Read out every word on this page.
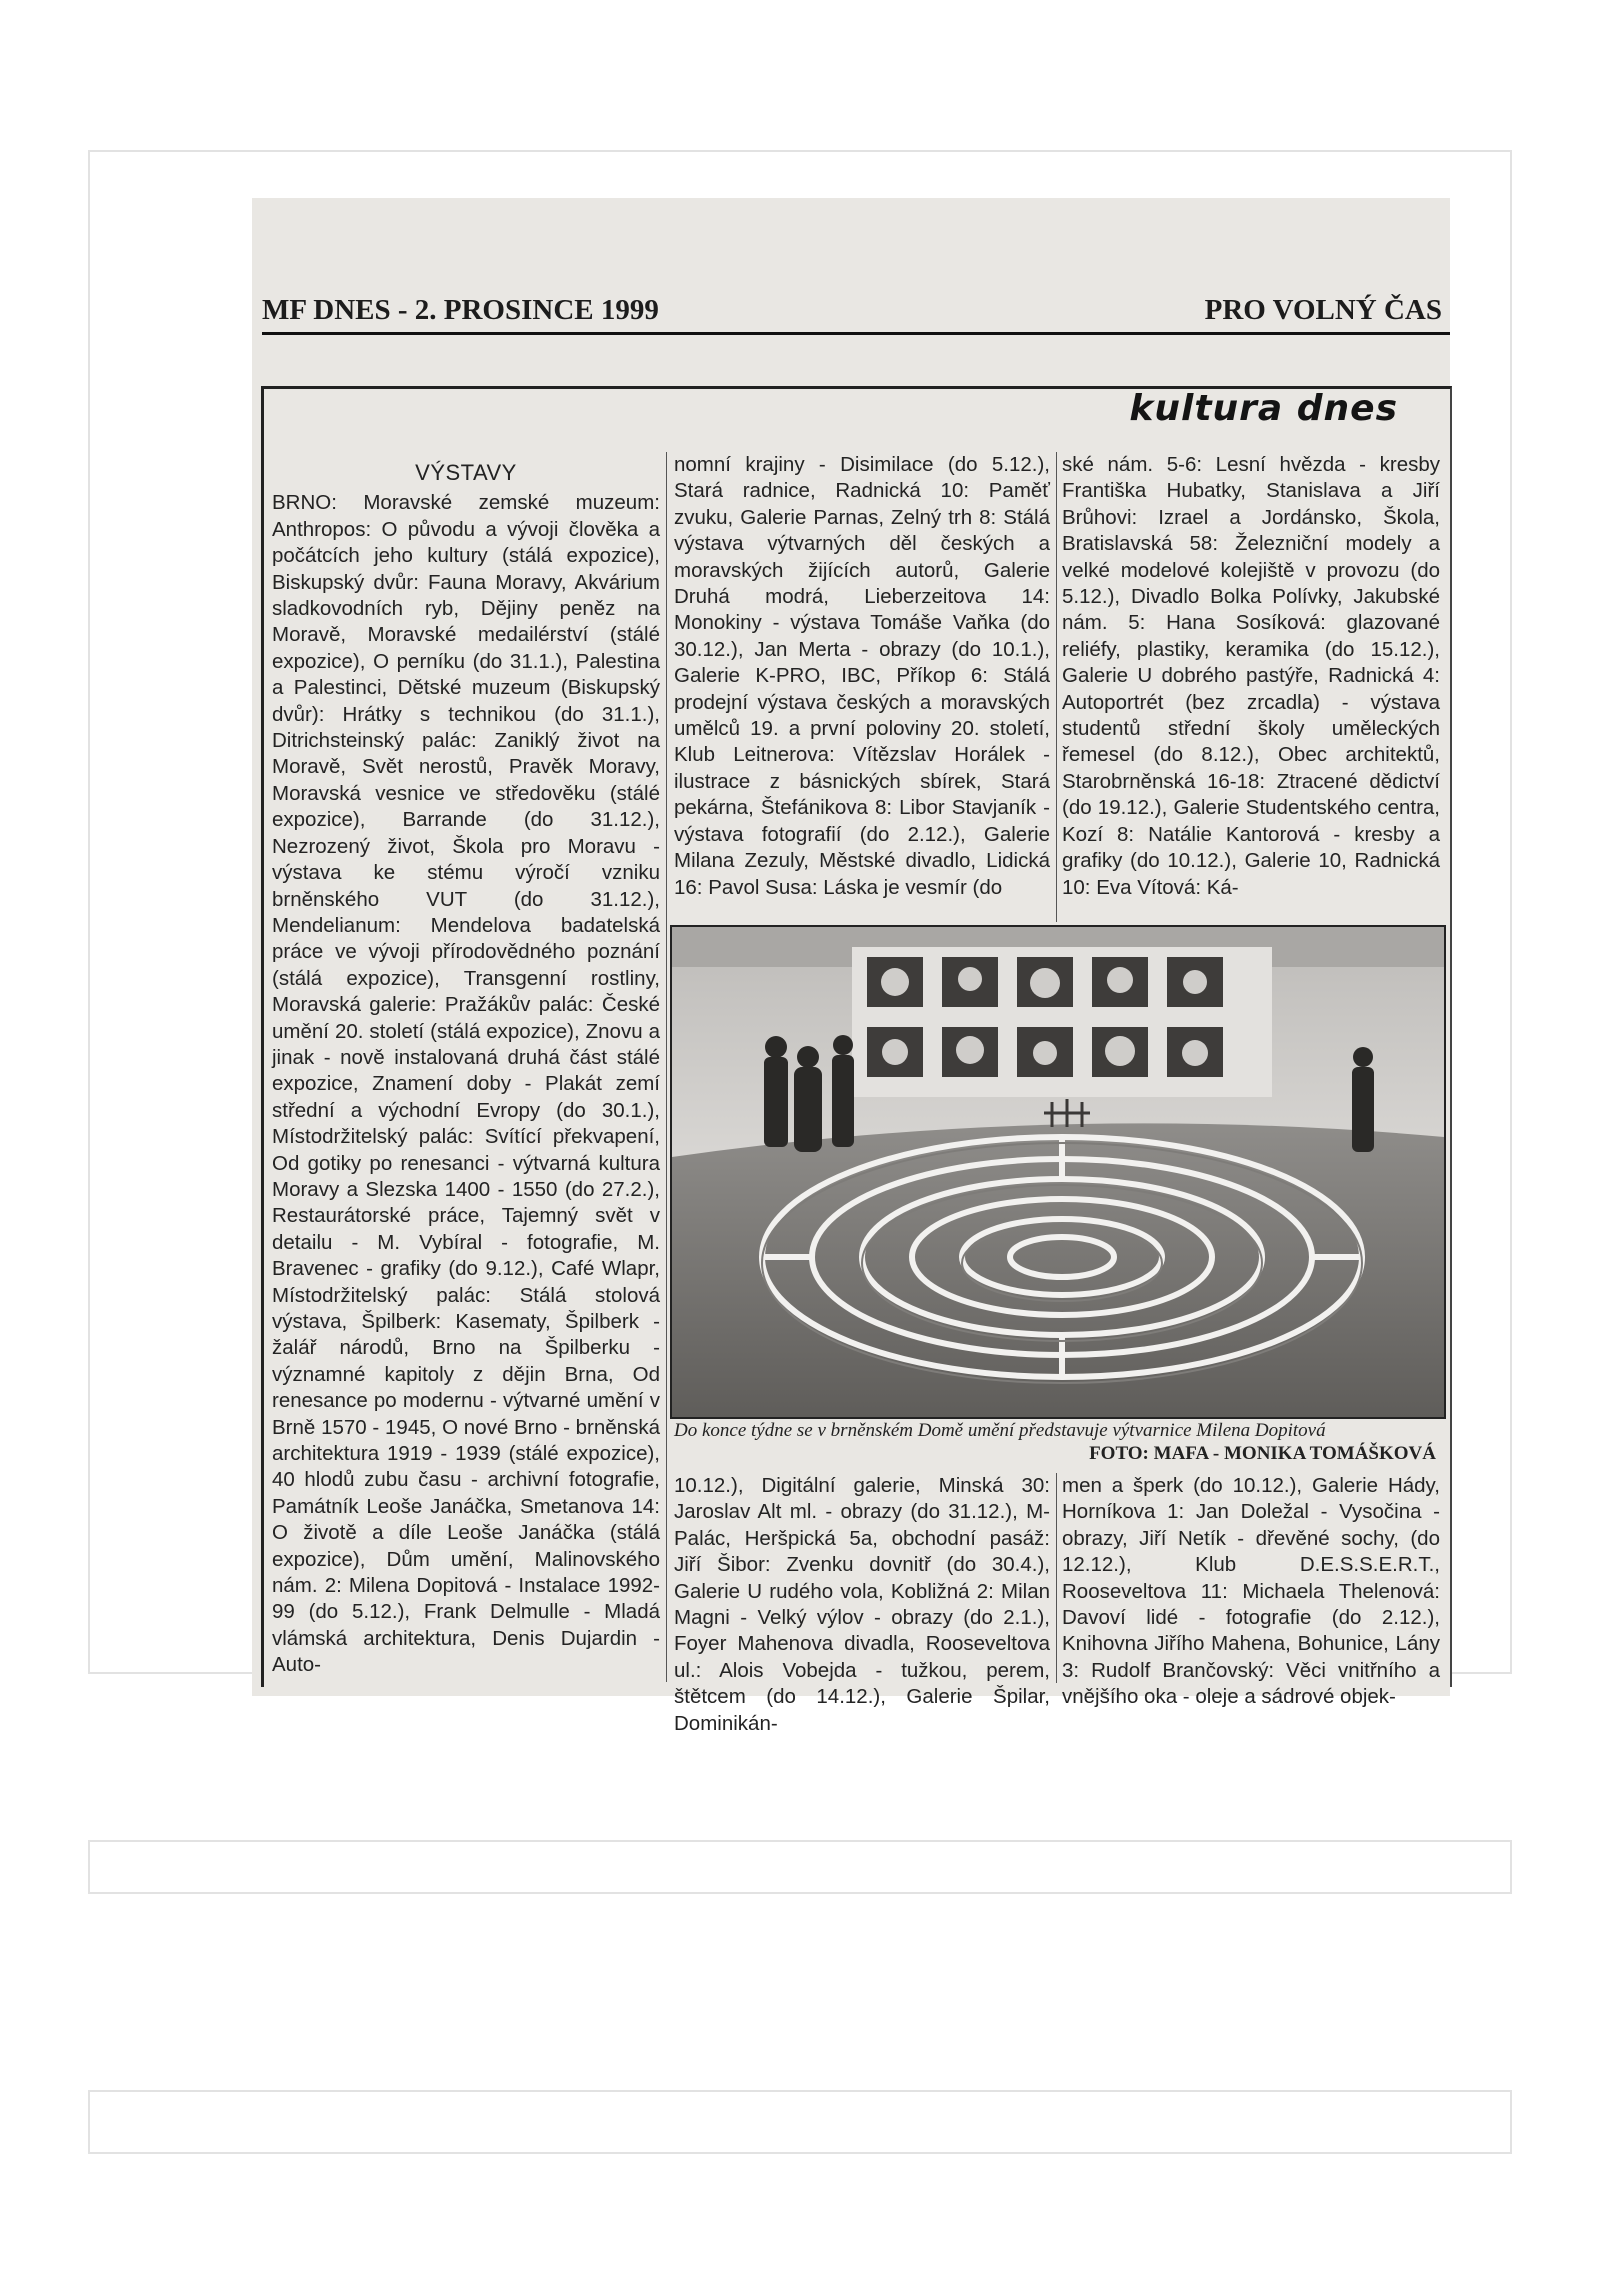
MF DNES - 2. PROSINCE 1999	PRO VOLNÝ ČAS
kultura dnes
VÝSTAVY
BRNO: Moravské zemské muzeum: Anthropos: O původu a vývoji člověka a počátcích jeho kultury (stálá expozice), Biskupský dvůr: Fauna Moravy, Akvárium sladkovodních ryb, Dějiny peněz na Moravě, Moravské medailérství (stálé expozice), O perníku (do 31.1.), Palestina a Palestinci, Dětské muzeum (Biskupský dvůr): Hrátky s technikou (do 31.1.), Ditrichsteinský palác: Zaniklý život na Moravě, Svět nerostů, Pravěk Moravy, Moravská vesnice ve středověku (stálé expozice), Barrande (do 31.12.), Nezrozený život, Škola pro Moravu - výstava ke stému výročí vzniku brněnského VUT (do 31.12.), Mendelianum: Mendelova badatelská práce ve vývoji přírodovědného poznání (stálá expozice), Transgenní rostliny, Moravská galerie: Pražákův palác: České umění 20. století (stálá expozice), Znovu a jinak - nově instalovaná druhá část stálé expozice, Znamení doby - Plakát zemí střední a východní Evropy (do 30.1.), Místodržitelský palác: Svítící překvapení, Od gotiky po renesanci - výtvarná kultura Moravy a Slezska 1400 - 1550 (do 27.2.), Restaurátorské práce, Tajemný svět v detailu - M. Vybíral - fotografie, M. Bravenec - grafiky (do 9.12.), Café Wlapr, Místodržitelský palác: Stálá stolová výstava, Špilberk: Kasematy, Špilberk - žalář národů, Brno na Špilberku - významné kapitoly z dějin Brna, Od renesance po modernu - výtvarné umění v Brně 1570 - 1945, O nové Brno - brněnská architektura 1919 - 1939 (stálé expozice), 40 hlodů zubu času - archivní fotografie, Památník Leoše Janáčka, Smetanova 14: O životě a díle Leoše Janáčka (stálá expozice), Dům umění, Malinovského nám. 2: Milena Dopitová - Instalace 1992-99 (do 5.12.), Frank Delmulle - Mladá vlámská architektura, Denis Dujardin - Auto-
nomní krajiny - Disimilace (do 5.12.), Stará radnice, Radnická 10: Paměť zvuku, Galerie Parnas, Zelný trh 8: Stálá výstava výtvarných děl českých a moravských žijících autorů, Galerie Druhá modrá, Lieberzeitova 14: Monokiny - výstava Tomáše Vaňka (do 30.12.), Jan Merta - obrazy (do 10.1.), Galerie K-PRO, IBC, Příkop 6: Stálá prodejní výstava českých a moravských umělců 19. a první poloviny 20. století, Klub Leitnerova: Vítězslav Horálek - ilustrace z básnických sbírek, Stará pekárna, Štefánikova 8: Libor Stavjaník - výstava fotografií (do 2.12.), Galerie Milana Zezuly, Městské divadlo, Lidická 16: Pavol Susa: Láska je vesmír (do
ské nám. 5-6: Lesní hvězda - kresby Františka Hubatky, Stanislava a Jiří Brůhovi: Izrael a Jordánsko, Škola, Bratislavská 58: Železniční modely a velké modelové kolejiště v provozu (do 5.12.), Divadlo Bolka Polívky, Jakubské nám. 5: Hana Sosíková: glazované reliéfy, plastiky, keramika (do 15.12.), Galerie U dobrého pastýře, Radnická 4: Autoportrét (bez zrcadla) - výstava studentů střední školy uměleckých řemesel (do 8.12.), Obec architektů, Starobrněnská 16-18: Ztracené dědictví (do 19.12.), Galerie Studentského centra, Kozí 8: Natálie Kantorová - kresby a grafiky (do 10.12.), Galerie 10, Radnická 10: Eva Vítová: Ká-
Do konce týdne se v brněnském Domě umění představuje výtvarnice Milena Dopitová
FOTO: MAFA - MONIKA TOMÁŠKOVÁ
10.12.), Digitální galerie, Minská 30: Jaroslav Alt ml. - obrazy (do 31.12.), M-Palác, Heršpická 5a, obchodní pasáž: Jiří Šibor: Zvenku dovnitř (do 30.4.), Galerie U rudého vola, Kobližná 2: Milan Magni - Velký výlov - obrazy (do 2.1.), Foyer Mahenova divadla, Rooseveltova ul.: Alois Vobejda - tužkou, perem, štětcem (do 14.12.), Galerie Špilar, Dominikán-
men a šperk (do 10.12.), Galerie Hády, Horníkova 1: Jan Doležal - Vysočina - obrazy, Jiří Netík - dřevěné sochy, (do 12.12.), Klub D.E.S.S.E.R.T., Rooseveltova 11: Michaela Thelenová: Davoví lidé - fotografie (do 2.12.), Knihovna Jiřího Mahena, Bohunice, Lány 3: Rudolf Brančovský: Věci vnitřního a vnějšího oka - oleje a sádrové objek-
